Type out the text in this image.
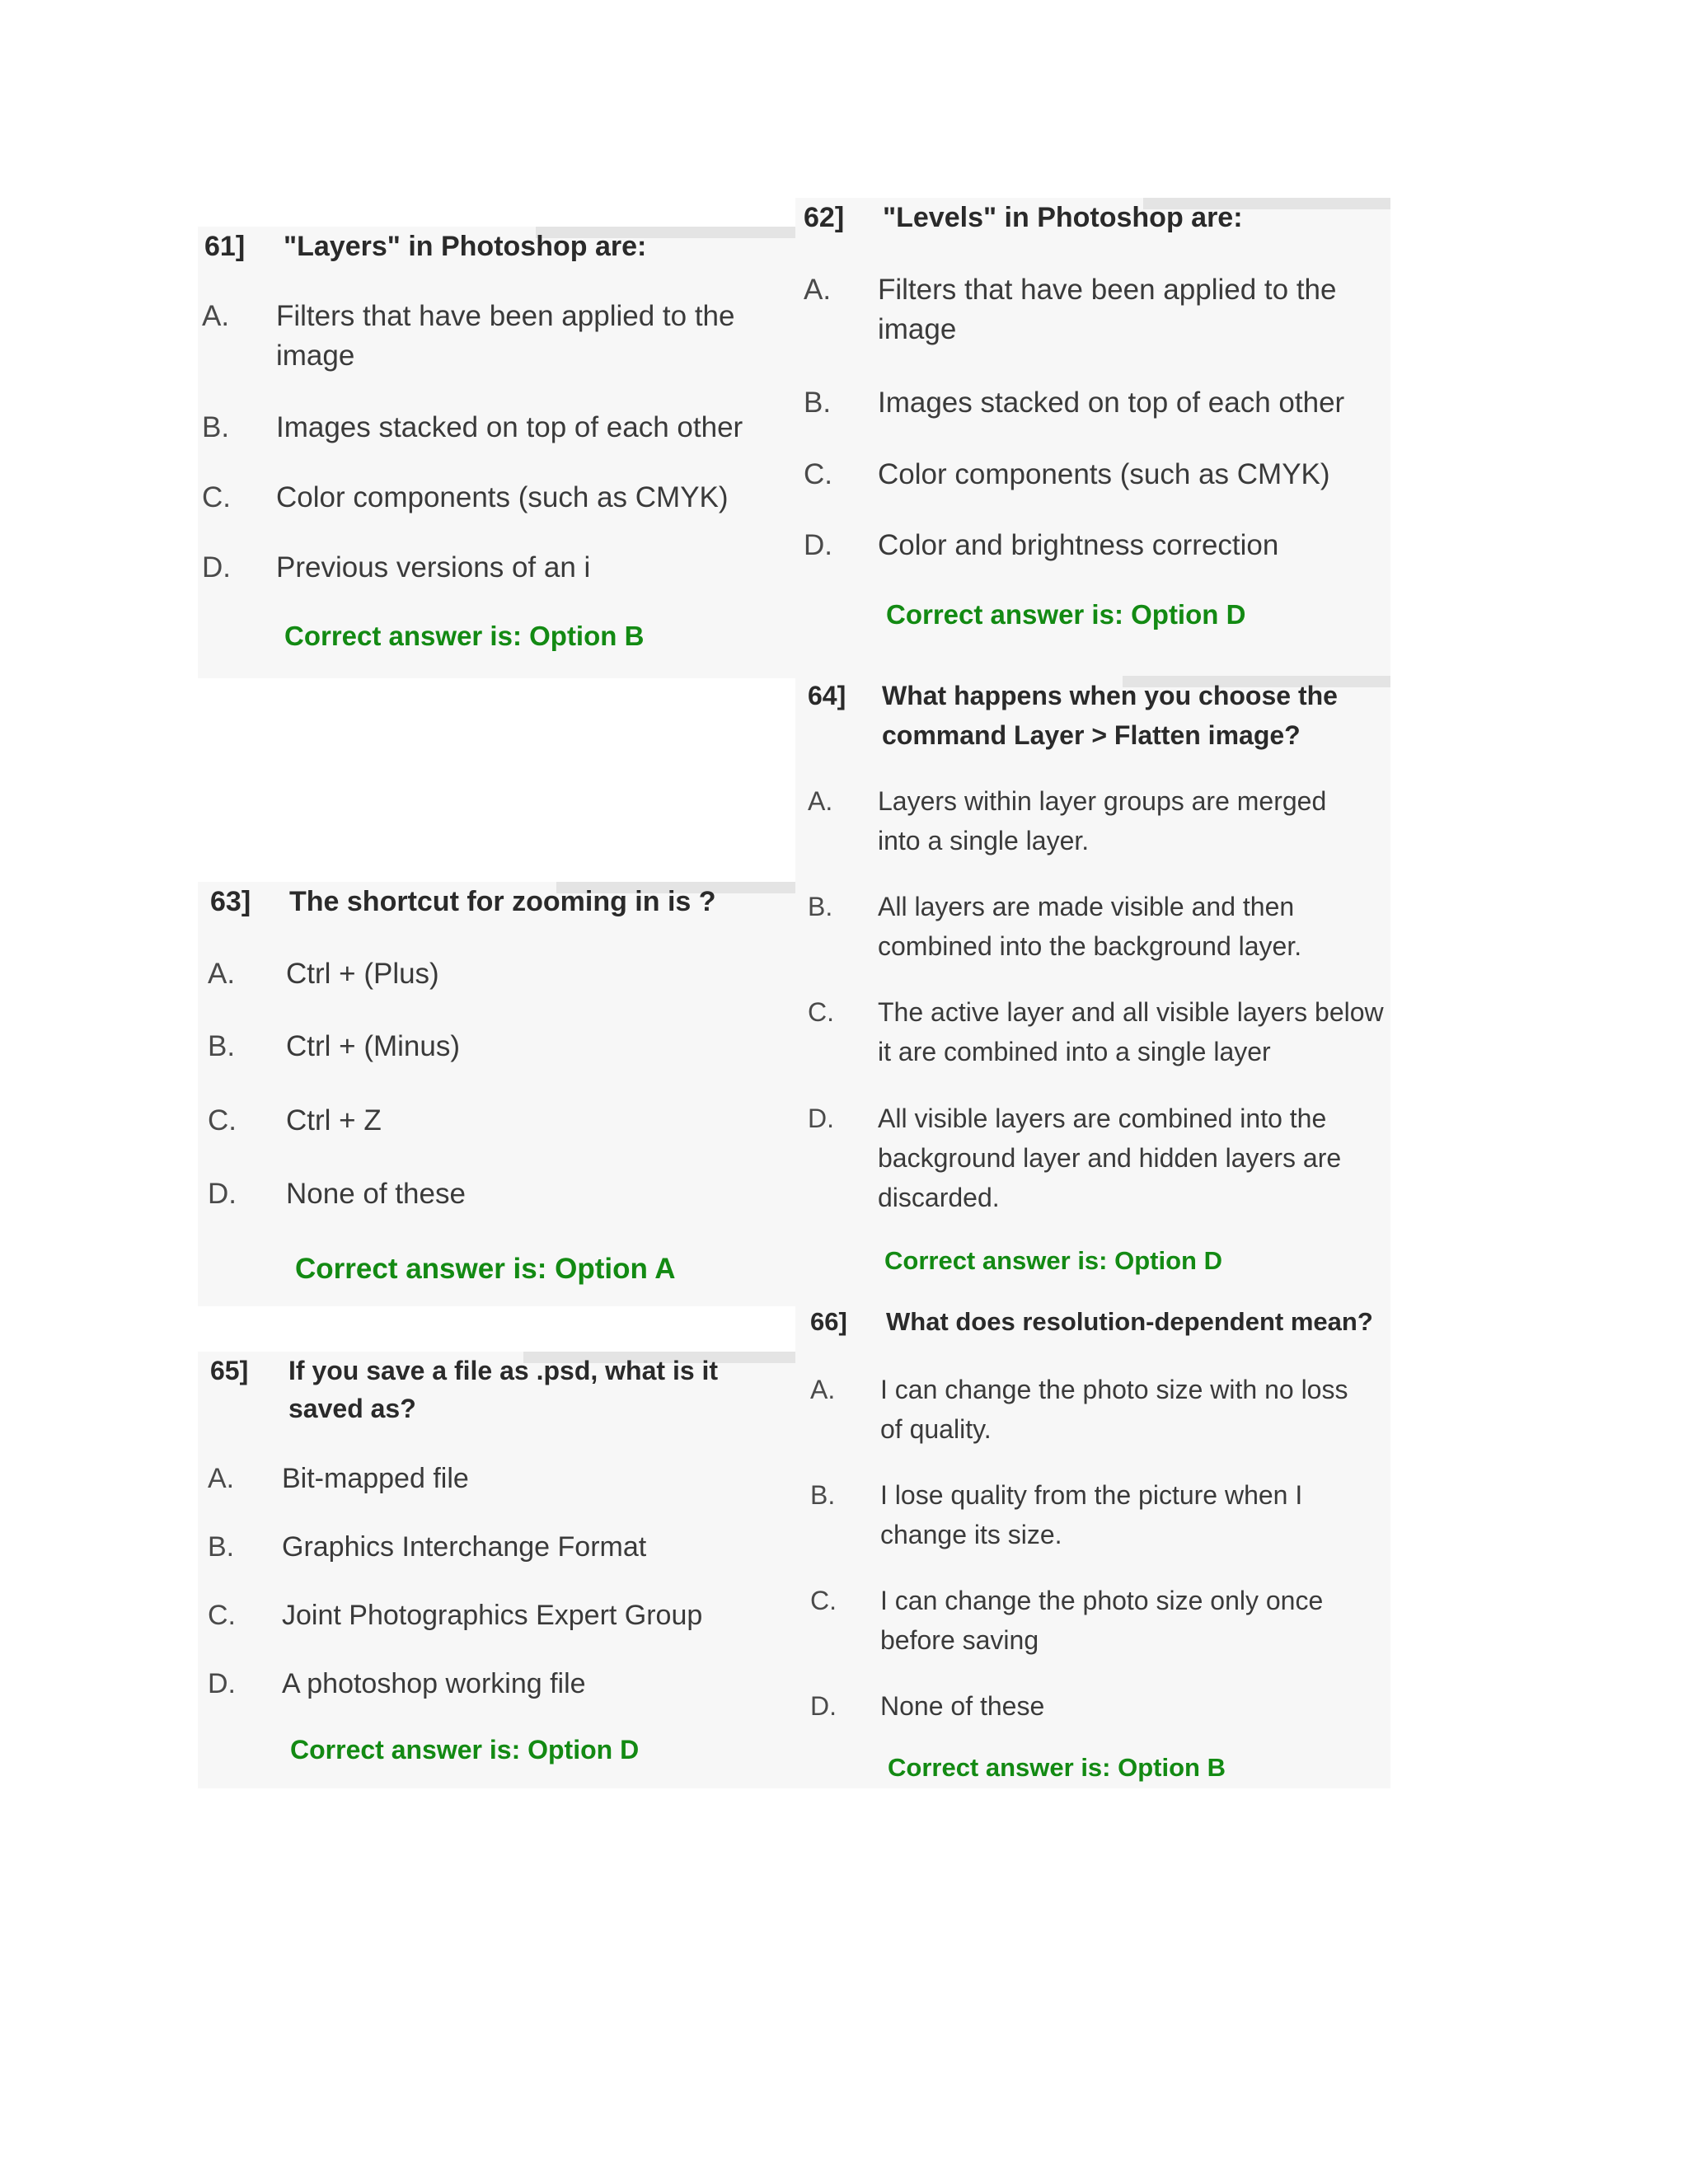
61] "Layers" in Photoshop are:
A.	Filters that have been applied to the image
B.	Images stacked on top of each other
C.	Color components (such as CMYK)
D.	Previous versions of an i
Correct answer is: Option B
62] "Levels" in Photoshop are:
A.	Filters that have been applied to the image
B.	Images stacked on top of each other
C.	Color components (such as CMYK)
D.	Color and brightness correction
Correct answer is: Option D
63] The shortcut for zooming in is ?
A.	Ctrl + (Plus)
B.	Ctrl + (Minus)
C.	Ctrl + Z
D.	None of these
Correct answer is: Option A
64]	What happens when you choose the command Layer > Flatten image?
A.	Layers within layer groups are merged into a single layer.
B.	All layers are made visible and then combined into the background layer.
C.	The active layer and all visible layers below it are combined into a single layer
D.	All visible layers are combined into the background layer and hidden layers are discarded.
Correct answer is: Option D
65]	If you save a file as .psd, what is it saved as?
A.	Bit-mapped file
B.	Graphics Interchange Format
C.	Joint Photographics Expert Group
D.	A photoshop working file
Correct answer is: Option D
66] What does resolution-dependent mean?
A.	I can change the photo size with no loss of quality.
B.	I lose quality from the picture when I change its size.
C.	I can change the photo size only once before saving
D.	None of these
Correct answer is: Option B
